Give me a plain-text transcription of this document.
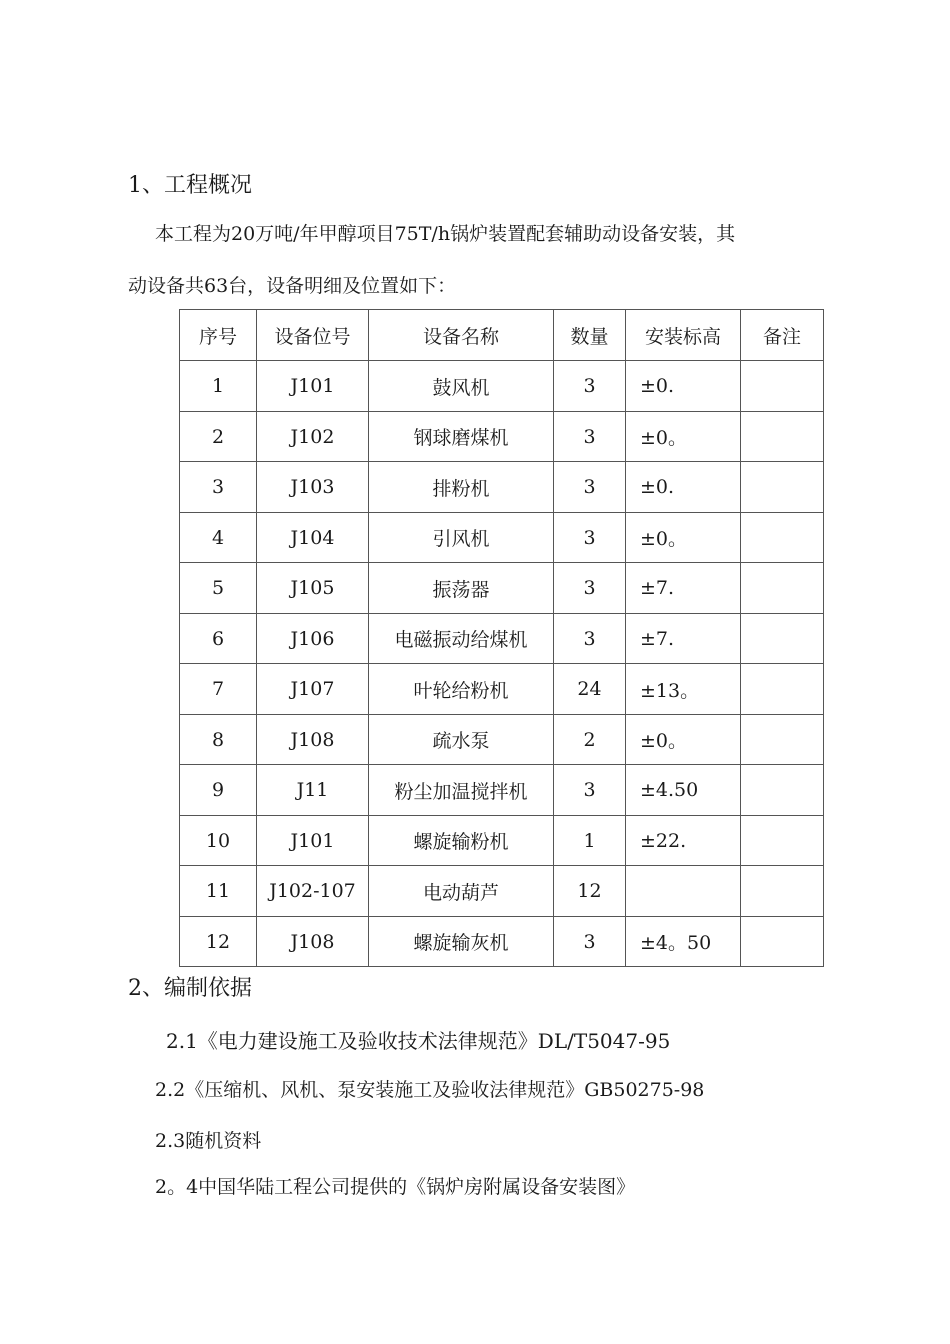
1、工程概况
本工程为20万吨/年甲醇项目75T/h锅炉装置配套辅助动设备安装，其
动设备共63台，设备明细及位置如下：
序号	设备位号	设备名称	数量	安装标高	备注
1	J101	鼓风机	3	±0.	
2	J102	钢球磨煤机	3	±0。	
3	J103	排粉机	3	±0.	
4	J104	引风机	3	±0。	
5	J105	振荡器	3	±7.	
6	J106	电磁振动给煤机	3	±7.	
7	J107	叶轮给粉机	24	±13。	
8	J108	疏水泵	2	±0。	
9	J11	粉尘加温搅拌机	3	±4.50	
10	J101	螺旋输粉机	1	±22.	
11	J102-107	电动葫芦	12		
12	J108	螺旋输灰机	3	±4。50	
2、编制依据
2.1《电力建设施工及验收技术法律规范》DL/T5047-95
2.2《压缩机、风机、泵安装施工及验收法律规范》GB50275-98
2.3随机资料
2。4中国华陆工程公司提供的《锅炉房附属设备安装图》
